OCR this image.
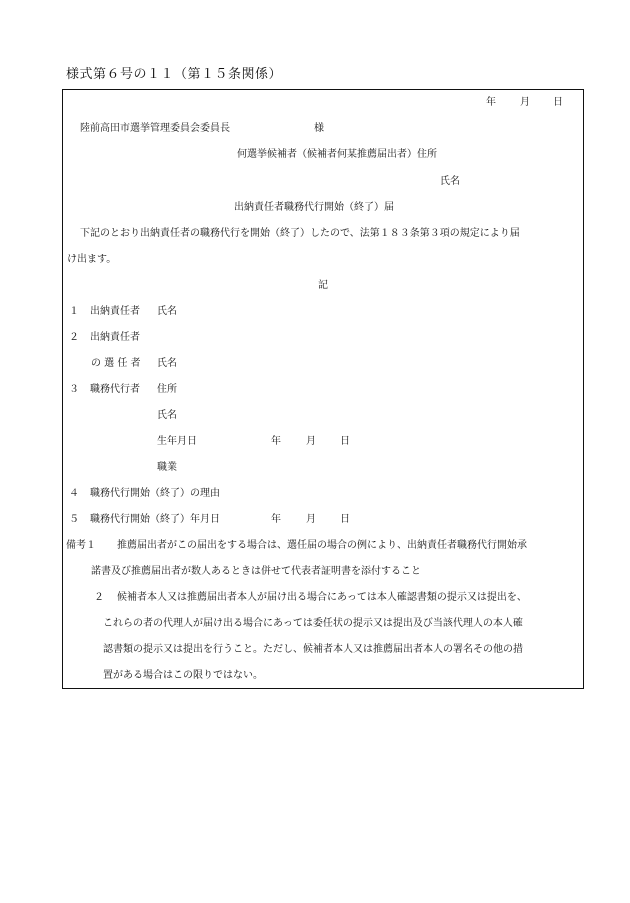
様式第６号の１１（第１５条関係）
年 月 日
陸前高田市選挙管理委員会委員長	様
何選挙候補者（候補者何某推薦届出者）住所
氏名
出納責任者職務代行開始（終了）届
下記のとおり出納責任者の職務代行を開始（終了）したので、法第１８３条第３項の規定により届
け出ます。
記
１ 出納責任者 氏名
２ 出納責任者
の 選 任 者 氏名
３ 職務代行者 住所
氏名
生年月日	年	月 日
職業
４ 職務代行開始（終了）の理由
５ 職務代行開始（終了）年月日	年	月 日
備考１ 推薦届出者がこの届出をする場合は、選任届の場合の例により、出納責任者職務代行開始承
諾書及び推薦届出者が数人あるときは併せて代表者証明書を添付すること
２ 候補者本人又は推薦届出者本人が届け出る場合にあっては本人確認書類の提示又は提出を、
これらの者の代理人が届け出る場合にあっては委任状の提示又は提出及び当該代理人の本人確
認書類の提示又は提出を行うこと。ただし、候補者本人又は推薦届出者本人の署名その他の措
置がある場合はこの限りではない。
